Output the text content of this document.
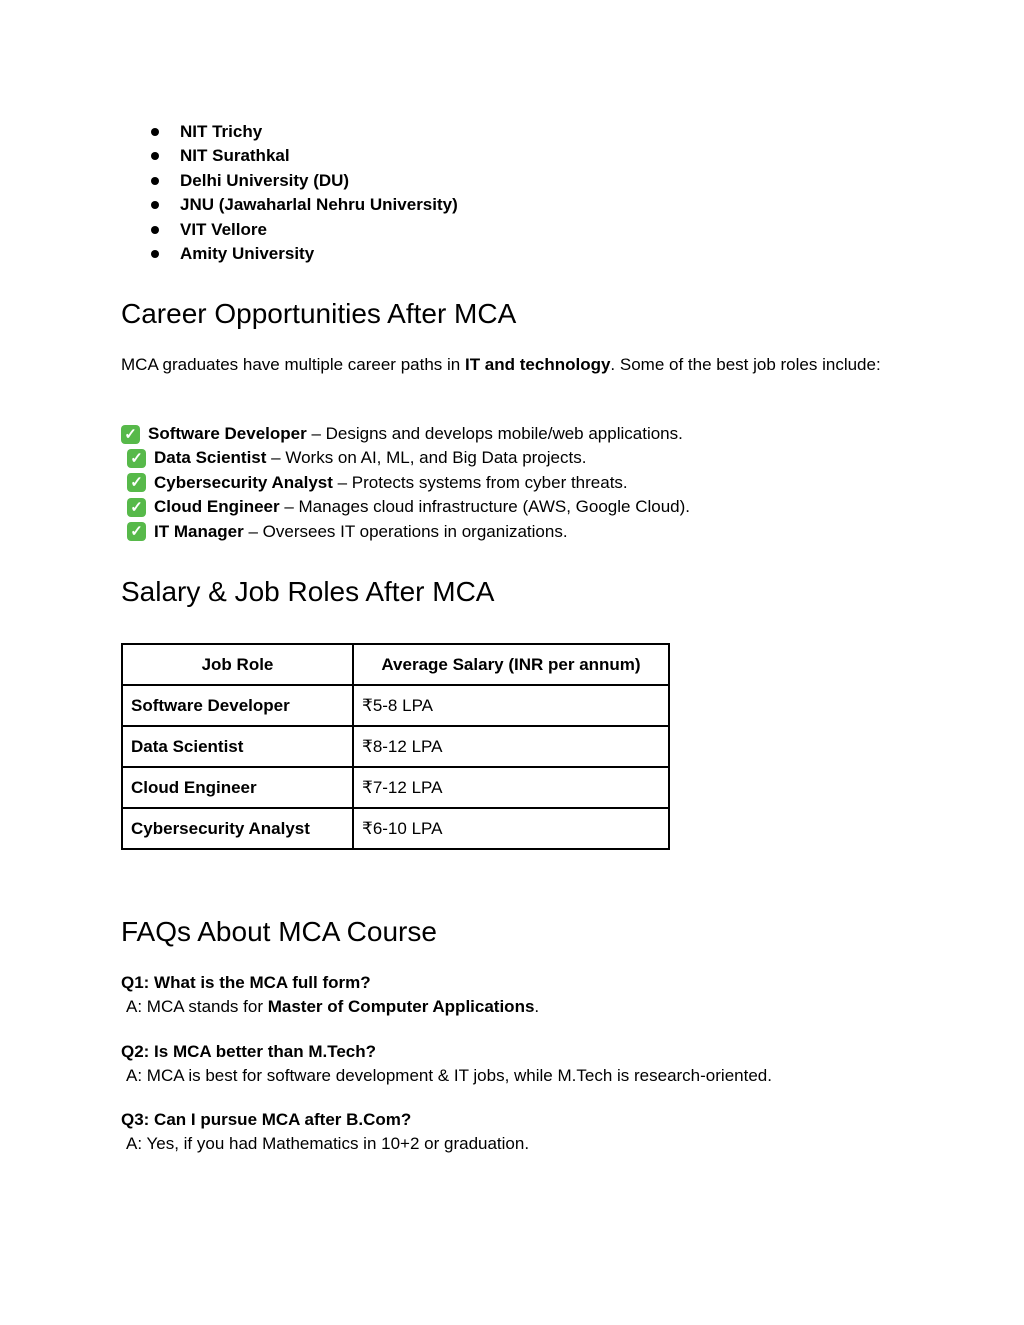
NIT Trichy
NIT Surathkal
Delhi University (DU)
JNU (Jawaharlal Nehru University)
VIT Vellore
Amity University
Career Opportunities After MCA

MCA graduates have multiple career paths in IT and technology. Some of the best job roles include:

✓ Software Developer – Designs and develops mobile/web applications.
✓ Data Scientist – Works on AI, ML, and Big Data projects.
✓ Cybersecurity Analyst – Protects systems from cyber threats.
✓ Cloud Engineer – Manages cloud infrastructure (AWS, Google Cloud).
✓ IT Manager – Oversees IT operations in organizations.
Salary & Job Roles After MCA
Job Role	Average Salary (INR per annum)
Software Developer	₹5-8 LPA
Data Scientist	₹8-12 LPA
Cloud Engineer	₹7-12 LPA
Cybersecurity Analyst	₹6-10 LPA
FAQs About MCA Course

Q1: What is the MCA full form?

A: MCA stands for Master of Computer Applications.

Q2: Is MCA better than M.Tech?

A: MCA is best for software development & IT jobs, while M.Tech is research-oriented.

Q3: Can I pursue MCA after B.Com?

A: Yes, if you had Mathematics in 10+2 or graduation.
